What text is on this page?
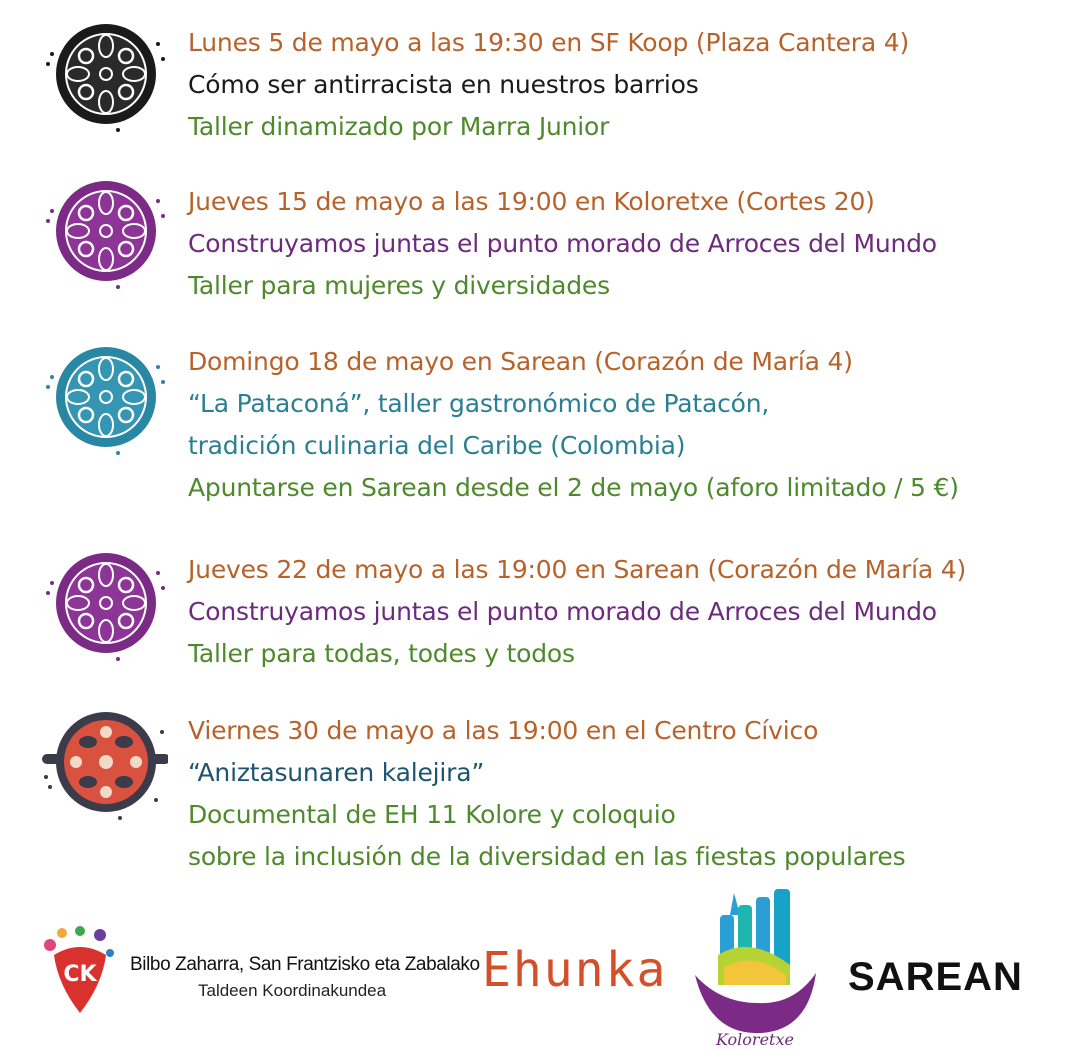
Lunes 5 de mayo a las 19:30 en SF Koop (Plaza Cantera 4)
Cómo ser antirracista en nuestros barrios
Taller dinamizado por Marra Junior
Jueves 15 de mayo a las 19:00 en Koloretxe (Cortes 20)
Construyamos juntas el punto morado de Arroces del Mundo
Taller para mujeres y diversidades
Domingo 18 de mayo en Sarean (Corazón de María 4)
“La Pataconá”, taller gastronómico de Patacón,
tradición culinaria del Caribe (Colombia)
Apuntarse en Sarean desde el 2 de mayo (aforo limitado / 5 €)
Jueves 22 de mayo a las 19:00 en Sarean (Corazón de María 4)
Construyamos juntas el punto morado de Arroces del Mundo
Taller para todas, todes y todos
Viernes 30 de mayo a las 19:00 en el Centro Cívico
“Aniztasunaren kalejira”
Documental de EH 11 Kolore y coloquio
sobre la inclusión de la diversidad en las fiestas populares
CK Bilbo Zaharra, San Frantzisko eta Zabalako
Taldeen Koordinakundea Ehunka
Koloretxe
SAREAN
